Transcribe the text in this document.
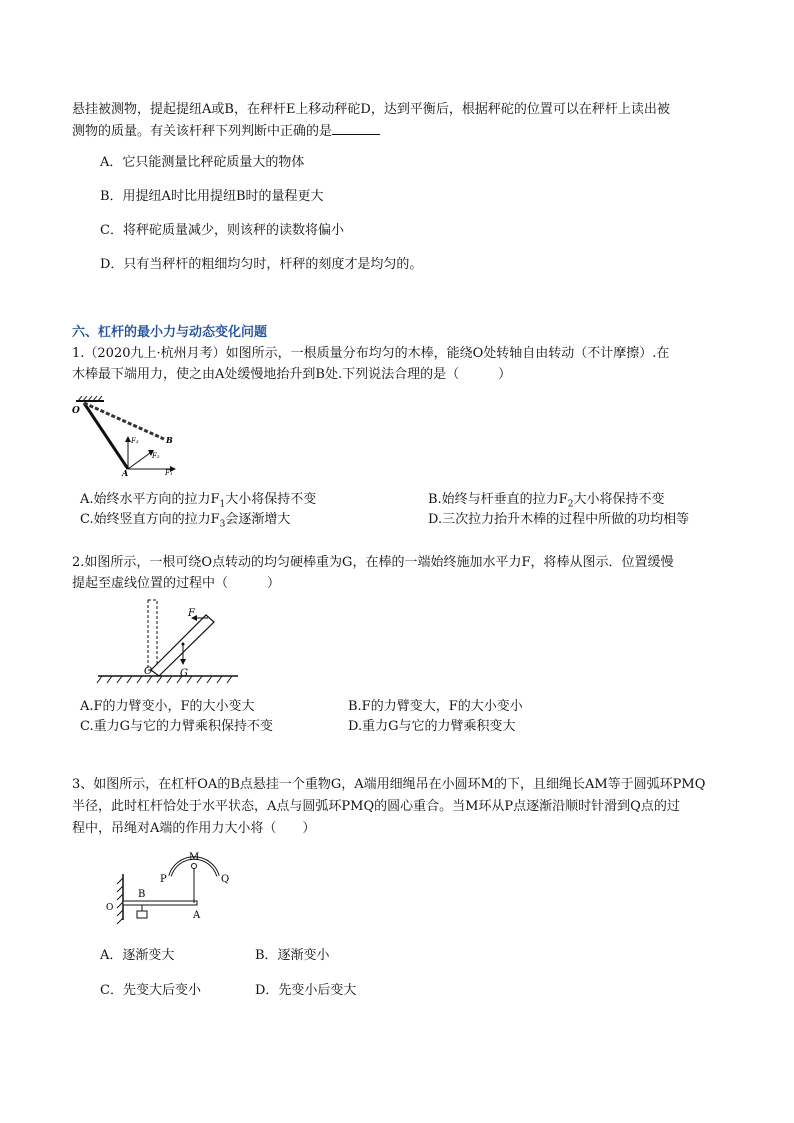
悬挂被测物，提起提纽A或B，在秤杆E上移动秤砣D，达到平衡后，根据秤砣的位置可以在秤杆上读出被
测物的质量。有关该杆秤下列判断中正确的是
A．它只能测量比秤砣质量大的物体
B．用提纽A时比用提纽B时的量程更大
C．将秤砣质量减少，则该秤的读数将偏小
D．只有当秤杆的粗细均匀时，杆秤的刻度才是均匀的。
六、杠杆的最小力与动态变化问题
1.（2020九上·杭州月考）如图所示，一根质量分布均匀的木棒，能绕O处转轴自由转动（不计摩擦）.在
木棒最下端用力，使之由A处缓慢地抬升到B处.下列说法合理的是（　　　）
O
A
B
F₁
F₂
F₃
A.始终水平方向的拉力$F_1$大小将保持不变	B.始终与杆垂直的拉力$F_2$大小将保持不变
C.始终竖直方向的拉力$F_3$会逐渐增大	D.三次拉力抬升木棒的过程中所做的功均相等
2.如图所示，一根可绕O点转动的均匀硬棒重为G，在棒的一端始终施加水平力F，将棒从图示．位置缓慢
提起至虚线位置的过程中（　　　）
F
O	G
A.F的力臂变小，F的大小变大	B.F的力臂变大，F的大小变小
C.重力G与它的力臂乘积保持不变	D.重力G与它的力臂乘积变大
3、如图所示，在杠杆OA的B点悬挂一个重物G，A端用细绳吊在小圆环M的下，且细绳长AM等于圆弧环PMQ
半径，此时杠杆恰处于水平状态，A点与圆弧环PMQ的圆心重合。当M环从P点逐渐沿顺时针滑到Q点的过
程中，吊绳对A端的作用力大小将（　　）
M
P	Q
B
O
A
A．逐渐变大	B．逐渐变小
C．先变大后变小	D．先变小后变大
